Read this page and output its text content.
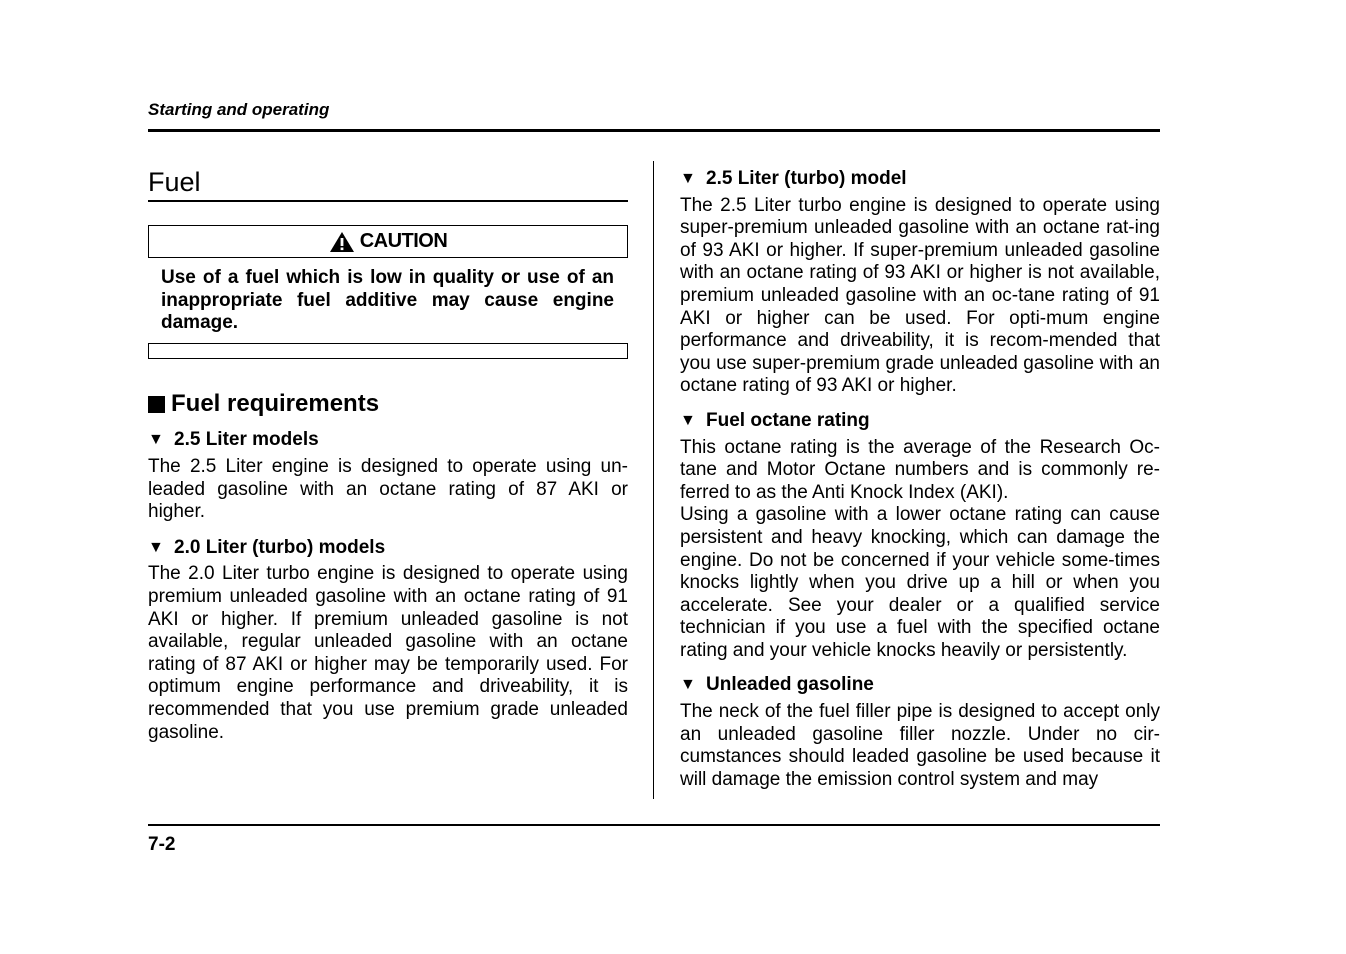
Starting and operating
Fuel
CAUTION
Use of a fuel which is low in quality or use of an inappropriate fuel additive may cause engine damage.
Fuel requirements
▼ 2.5 Liter models
The 2.5 Liter engine is designed to operate using un-leaded gasoline with an octane rating of 87 AKI or higher.
▼ 2.0 Liter (turbo) models
The 2.0 Liter turbo engine is designed to operate using premium unleaded gasoline with an octane rating of 91 AKI or higher. If premium unleaded gasoline is not available, regular unleaded gasoline with an octane rating of 87 AKI or higher may be temporarily used. For optimum engine performance and driveability, it is recommended that you use premium grade unleaded gasoline.
▼ 2.5 Liter (turbo) model
The 2.5 Liter turbo engine is designed to operate using super-premium unleaded gasoline with an octane rat-ing of 93 AKI or higher. If super-premium unleaded gasoline with an octane rating of 93 AKI or higher is not available, premium unleaded gasoline with an oc-tane rating of 91 AKI or higher can be used. For opti-mum engine performance and driveability, it is recom-mended that you use super-premium grade unleaded gasoline with an octane rating of 93 AKI or higher.
▼ Fuel octane rating

This octane rating is the average of the Research Oc-tane and Motor Octane numbers and is commonly re-ferred to as the Anti Knock Index (AKI).

Using a gasoline with a lower octane rating can cause persistent and heavy knocking, which can damage the engine. Do not be concerned if your vehicle some-times knocks lightly when you drive up a hill or when you accelerate. See your dealer or a qualified service technician if you use a fuel with the specified octane rating and your vehicle knocks heavily or persistently.

▼ Unleaded gasoline
The neck of the fuel filler pipe is designed to accept only an unleaded gasoline filler nozzle. Under no cir-cumstances should leaded gasoline be used because it will damage the emission control system and may
7-2
